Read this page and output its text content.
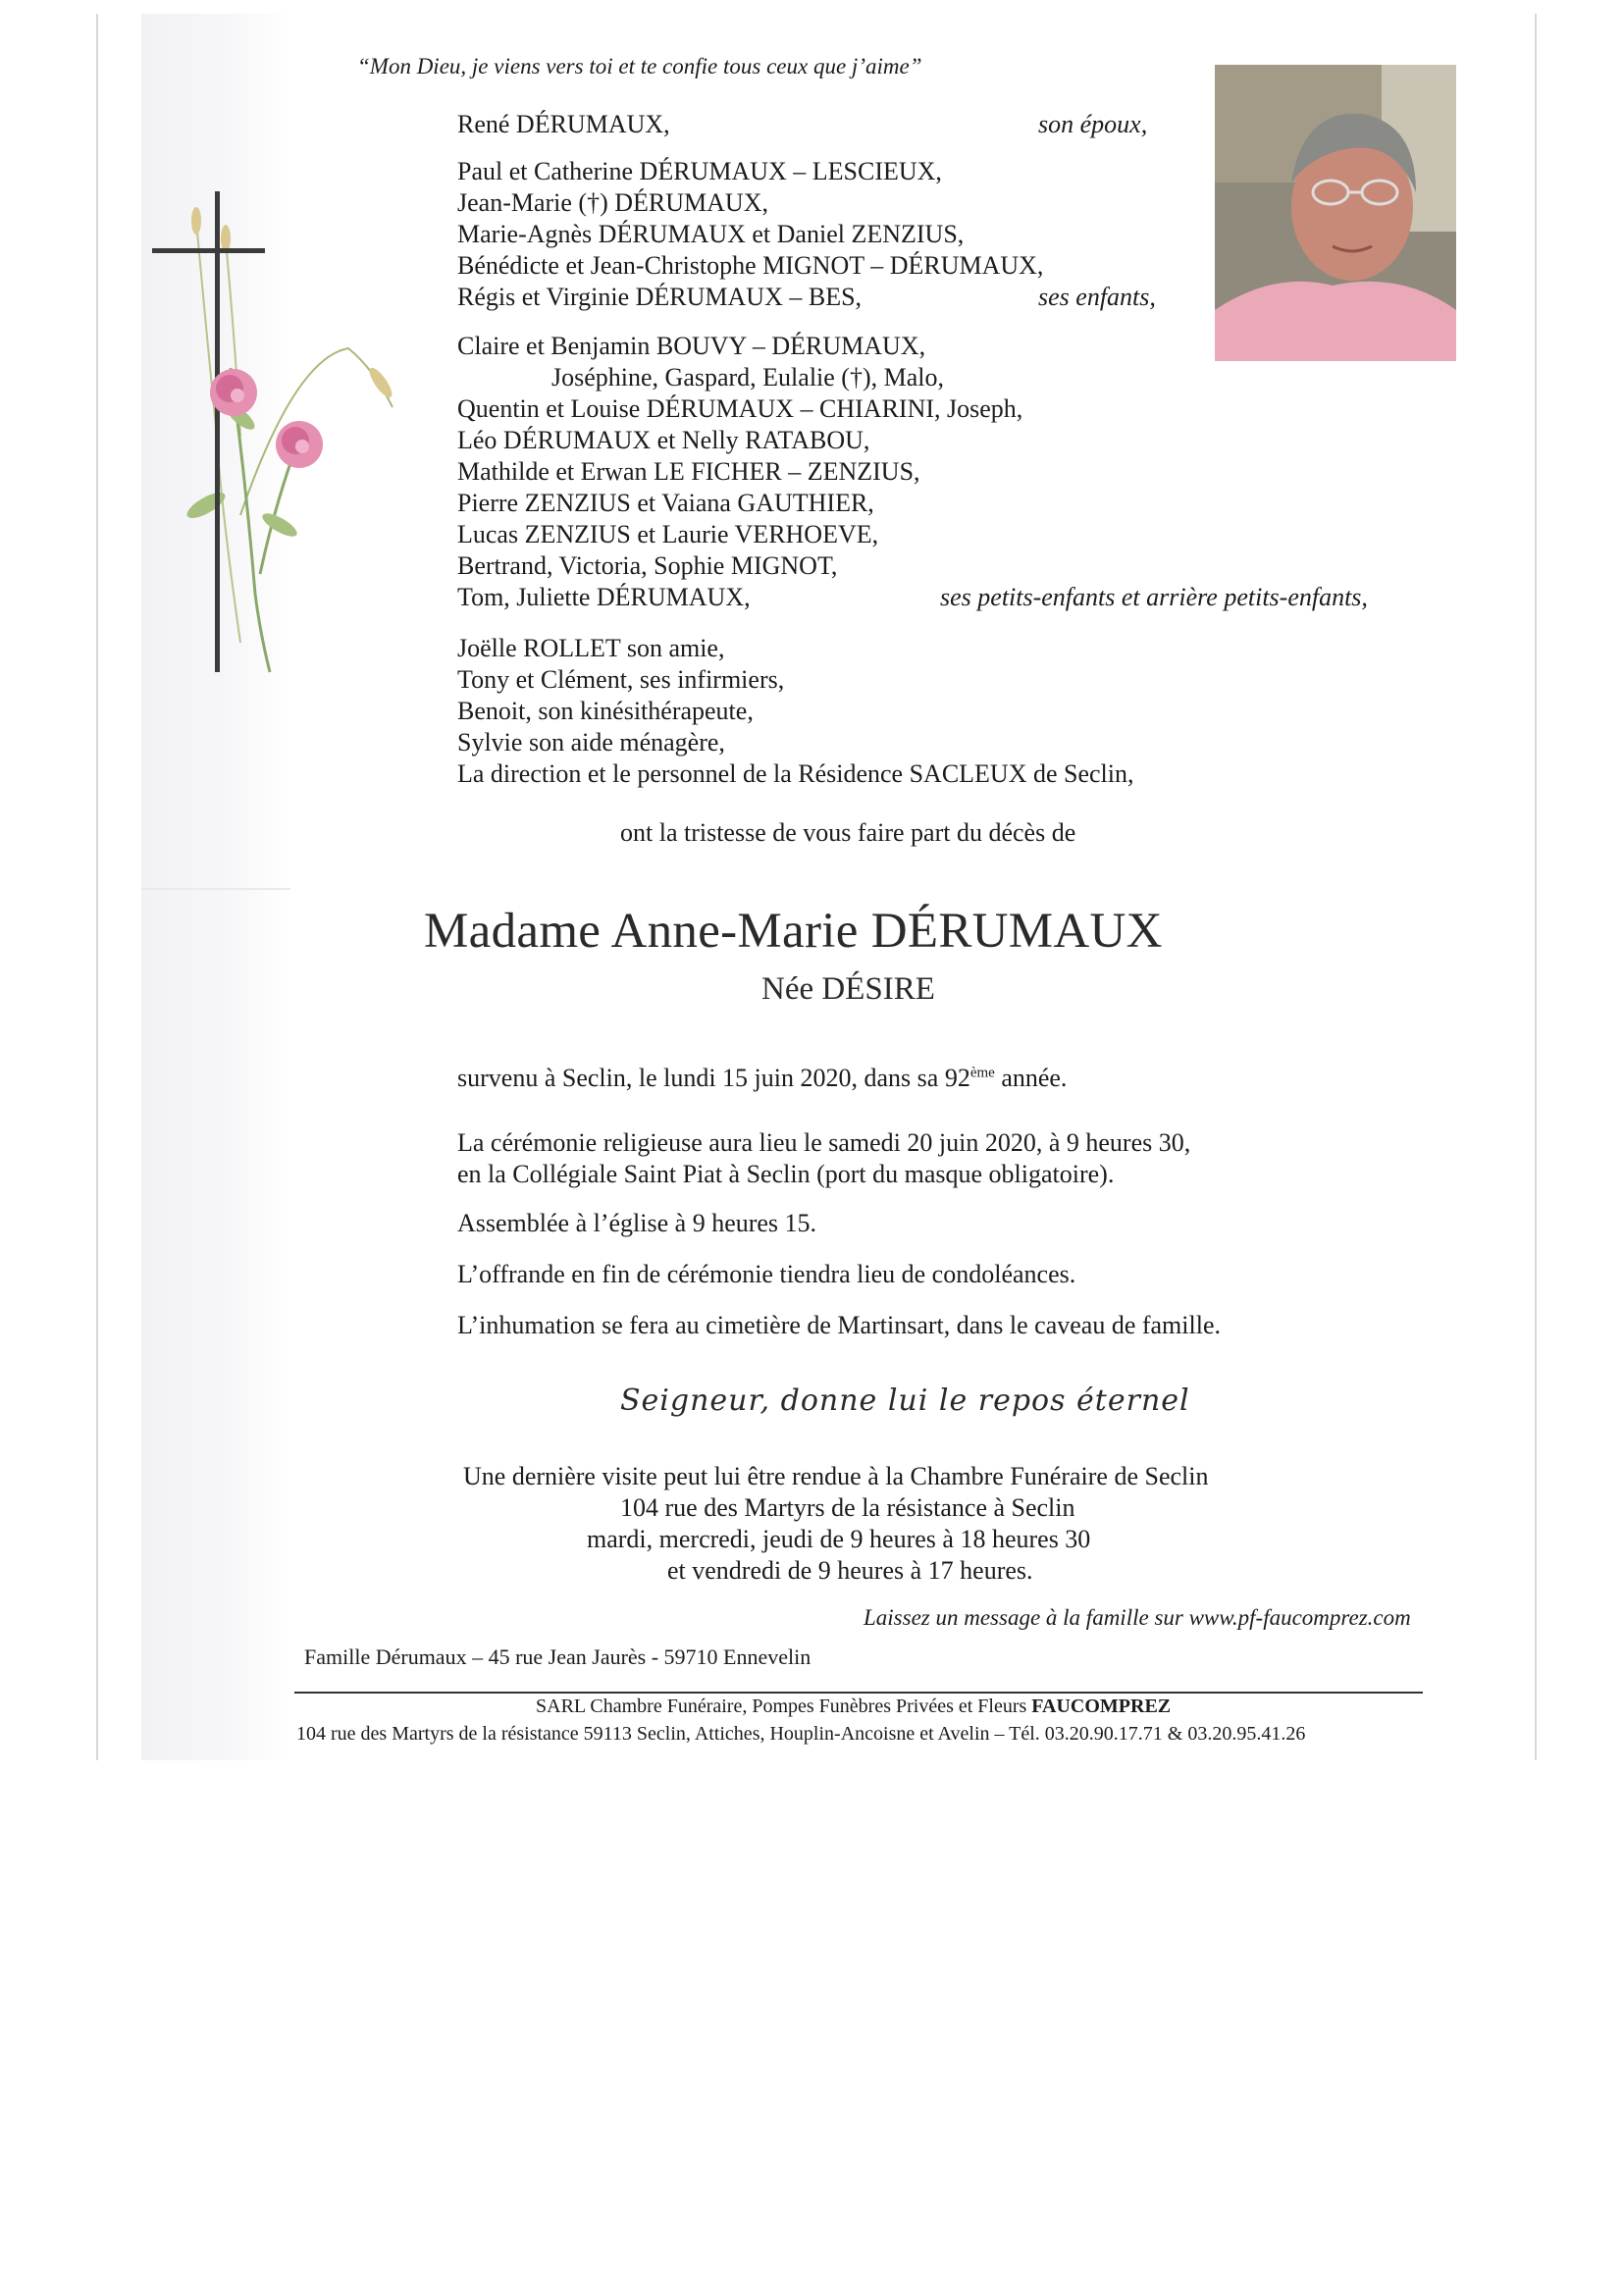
“Mon Dieu, je viens vers toi et te confie tous ceux que j’aime”
René DÉRUMAUX,	son époux,
Paul et Catherine DÉRUMAUX – LESCIEUX,
Jean-Marie (†) DÉRUMAUX,
Marie-Agnès DÉRUMAUX et Daniel ZENZIUS,
Bénédicte et Jean-Christophe MIGNOT – DÉRUMAUX,
Régis et Virginie DÉRUMAUX – BES,	ses enfants,
Claire et Benjamin BOUVY – DÉRUMAUX,
Joséphine, Gaspard, Eulalie (†), Malo,
Quentin et Louise DÉRUMAUX – CHIARINI, Joseph,
Léo DÉRUMAUX et Nelly RATABOU,
Mathilde et Erwan LE FICHER – ZENZIUS,
Pierre ZENZIUS et Vaiana GAUTHIER,
Lucas ZENZIUS et Laurie VERHOEVE,
Bertrand, Victoria, Sophie MIGNOT,
Tom, Juliette DÉRUMAUX,	ses petits-enfants et arrière petits-enfants,
Joëlle ROLLET son amie,
Tony et Clément, ses infirmiers,
Benoit, son kinésithérapeute,
Sylvie son aide ménagère,
La direction et le personnel de la Résidence SACLEUX de Seclin,
ont la tristesse de vous faire part du décès de
Madame Anne-Marie DÉRUMAUX
Née DÉSIRE
survenu à Seclin, le lundi 15 juin 2020, dans sa 92ème année.
La cérémonie religieuse aura lieu le samedi 20 juin 2020, à 9 heures 30,
en la Collégiale Saint Piat à Seclin (port du masque obligatoire).
Assemblée à l’église à 9 heures 15.
L’offrande en fin de cérémonie tiendra lieu de condoléances.
L’inhumation se fera au cimetière de Martinsart, dans le caveau de famille.
Seigneur, donne lui le repos éternel
Une dernière visite peut lui être rendue à la Chambre Funéraire de Seclin
104 rue des Martyrs de la résistance à Seclin
mardi, mercredi, jeudi de 9 heures à 18 heures 30
et vendredi de 9 heures à 17 heures.
Laissez un message à la famille sur www.pf-faucomprez.com
Famille Dérumaux – 45 rue Jean Jaurès - 59710 Ennevelin
SARL Chambre Funéraire, Pompes Funèbres Privées et Fleurs FAUCOMPREZ
104 rue des Martyrs de la résistance 59113 Seclin, Attiches, Houplin-Ancoisne et Avelin – Tél. 03.20.90.17.71 & 03.20.95.41.26
